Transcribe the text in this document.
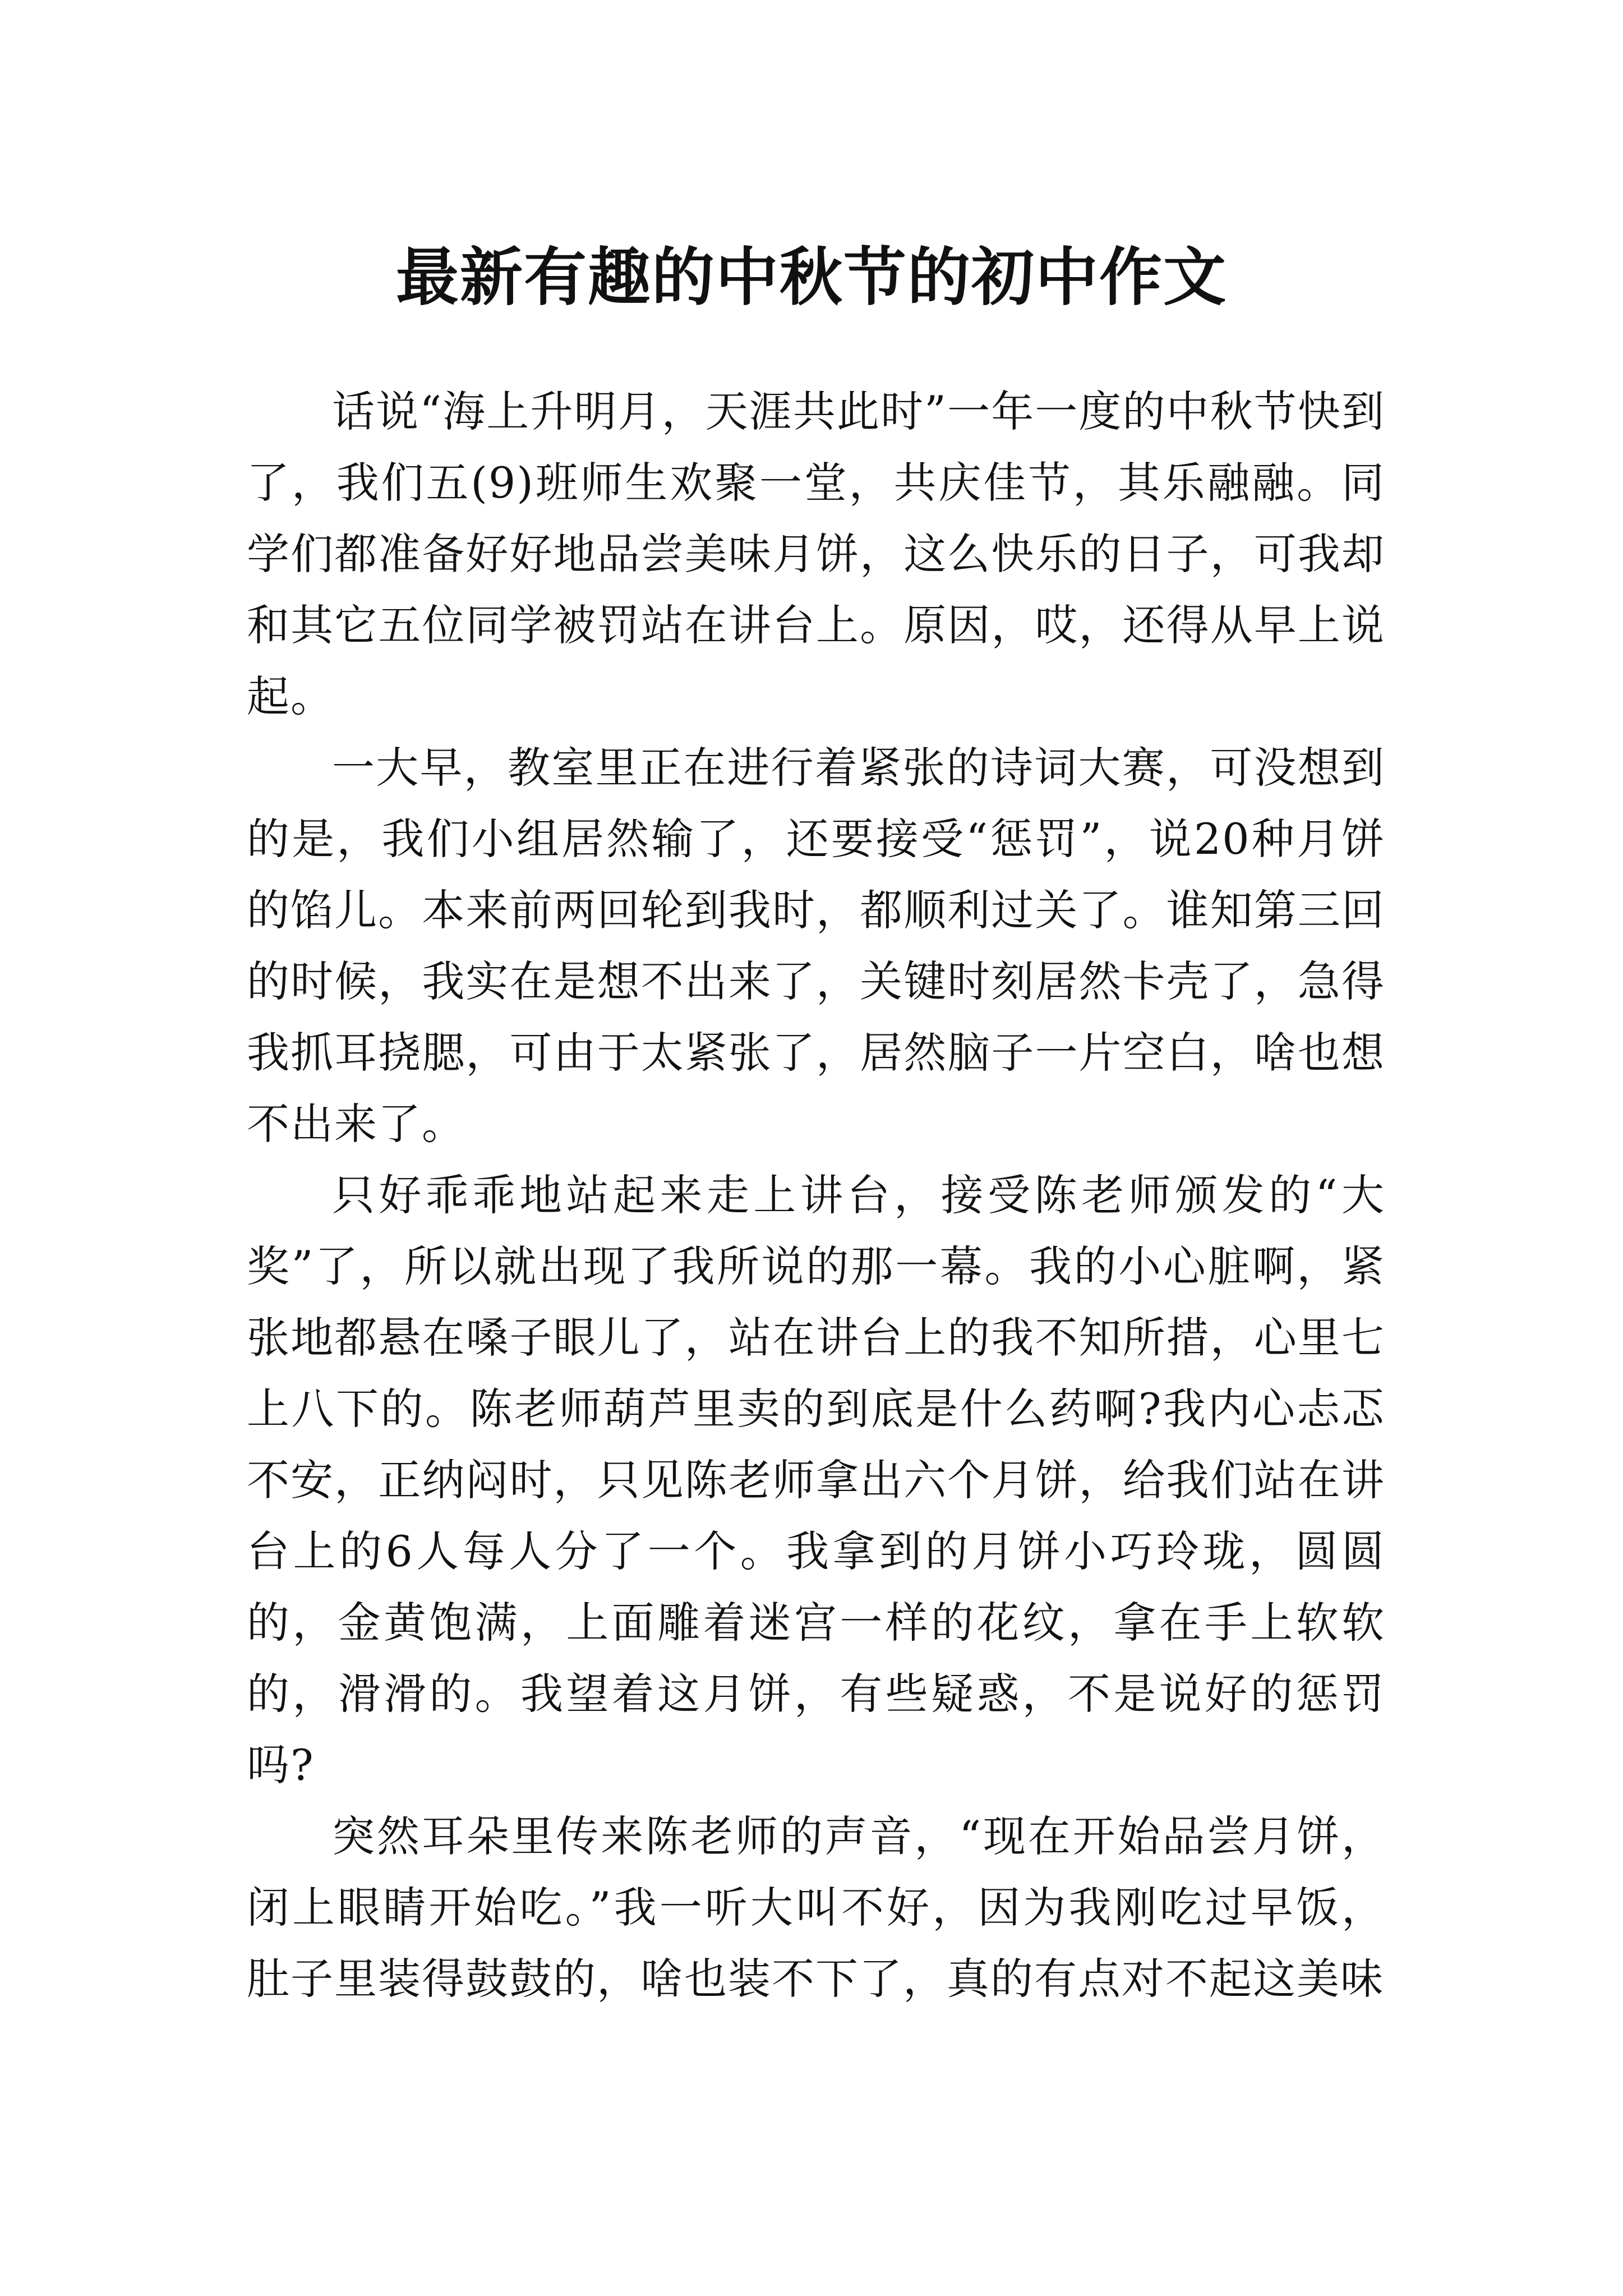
最新有趣的中秋节的初中作文

话说“海上升明月，天涯共此时”一年一度的中秋节快到了，我们五(9)班师生欢聚一堂，共庆佳节，其乐融融。同学们都准备好好地品尝美味月饼，这么快乐的日子，可我却和其它五位同学被罚站在讲台上。原因，哎，还得从早上说起。

一大早，教室里正在进行着紧张的诗词大赛，可没想到的是，我们小组居然输了，还要接受“惩罚”，说20种月饼的馅儿。本来前两回轮到我时，都顺利过关了。谁知第三回的时候，我实在是想不出来了，关键时刻居然卡壳了，急得我抓耳挠腮，可由于太紧张了，居然脑子一片空白，啥也想不出来了。

只好乖乖地站起来走上讲台，接受陈老师颁发的“大奖”了，所以就出现了我所说的那一幕。我的小心脏啊，紧张地都悬在嗓子眼儿了，站在讲台上的我不知所措，心里七上八下的。陈老师葫芦里卖的到底是什么药啊?我内心忐忑不安，正纳闷时，只见陈老师拿出六个月饼，给我们站在讲台上的6人每人分了一个。我拿到的月饼小巧玲珑，圆圆的，金黄饱满，上面雕着迷宫一样的花纹，拿在手上软软的，滑滑的。我望着这月饼，有些疑惑，不是说好的惩罚吗?

突然耳朵里传来陈老师的声音，“现在开始品尝月饼，闭上眼睛开始吃。”我一听大叫不好，因为我刚吃过早饭，肚子里装得鼓鼓的，啥也装不下了，真的有点对不起这美味
